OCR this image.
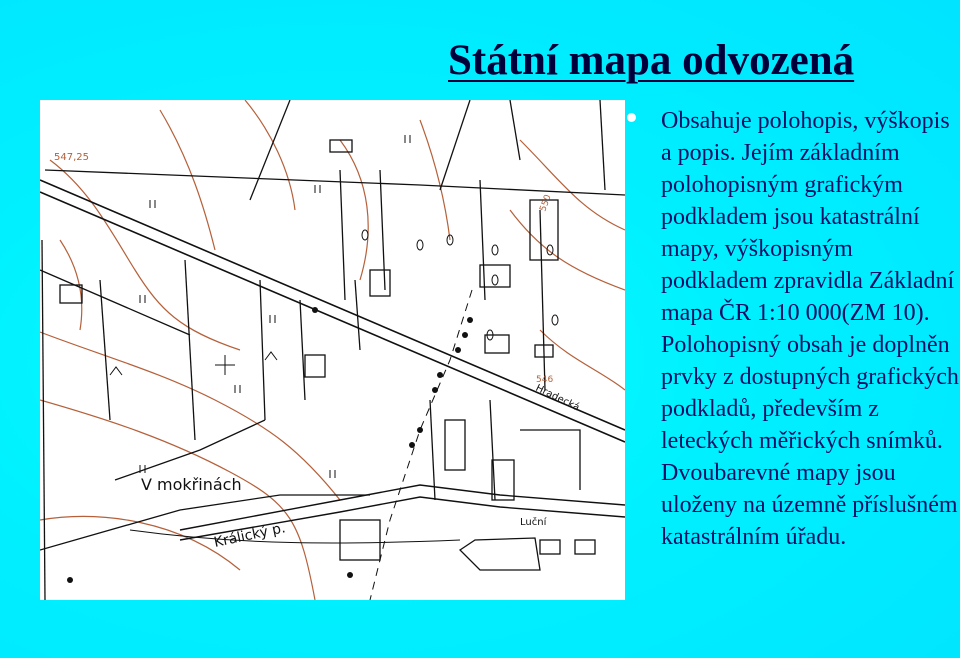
Státní mapa odvozená
V mokřinách
Králický p.
Hradecká
Luční
547,25
550
546

Obsahuje polohopis, výškopis a popis. Jejím základním polohopisným grafickým podkladem jsou katastrální mapy, výškopisným podkladem zpravidla Základní mapa ČR 1:10 000(ZM 10). Polohopisný obsah je doplněn prvky z dostupných grafických podkladů, především z leteckých měřických snímků. Dvoubarevné mapy jsou uloženy na územně příslušném katastrálním úřadu.
